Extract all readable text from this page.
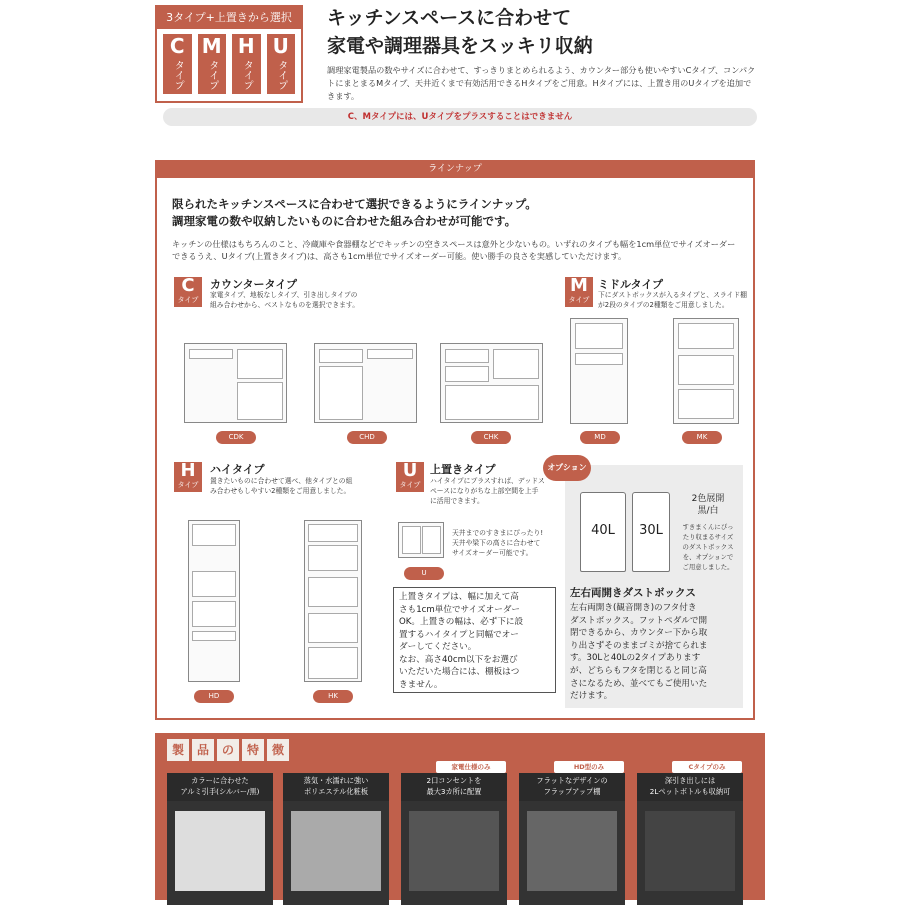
3タイプ+上置きから選択
C
タイプ
M
タイプ
H
タイプ
U
タイプ
キッチンスペースに合わせて
家電や調理器具をスッキリ収納
調理家電製品の数やサイズに合わせて、すっきりまとめられるよう、カウンター部分も使いやすいCタイプ、コンパクトにまとまるMタイプ、天井近くまで有効活用できるHタイプをご用意。Hタイプには、上置き用のUタイプを追加できます。
C、Mタイプには、Uタイプをプラスすることはできません
ラインナップ
限られたキッチンスペースに合わせて選択できるようにラインナップ。
調理家電の数や収納したいものに合わせた組み合わせが可能です。
キッチンの仕様はもちろんのこと、冷蔵庫や食器棚などでキッチンの空きスペースは意外と少ないもの。いずれのタイプも幅を1cm単位でサイズオーダーできるうえ、Uタイプ(上置きタイプ)は、高さも1cm単位でサイズオーダー可能。使い勝手の良さを実感していただけます。
C
タイプ
カウンタータイプ
家電タイプ、地板なしタイプ、引き出しタイプの
組み合わせから、ベストなものを選択できます。
M
タイプ
ミドルタイプ
下にダストボックスが入るタイプと、スライド棚
が2段のタイプの2種類をご用意しました。
CDK	CHD	CHK	MD	MK
H
タイプ
ハイタイプ
置きたいものに合わせて選べ、他タイプとの組
み合わせもしやすい2種類をご用意しました。
U
タイプ
上置きタイプ
ハイタイプにプラスすれば、デッドス
ペースになりがちな上部空間を上手
に活用できます。
天井までのすきまにぴったり!
天井や梁下の高さに合わせて
サイズオーダー可能です。
U
HD	HK
上置きタイプは、幅に加えて高
さも1cm単位でサイズオーダー
OK。上置きの幅は、必ず下に設
置するハイタイプと同幅でオー
ダーしてください。
なお、高さ40cm以下をお選び
いただいた場合には、棚板はつ
きません。
オプション
40L	30L
2色展開
黒/白
すきまくんにぴっ
たり収まるサイズ
のダストボックス
を、オプションで
ご用意しました。
左右両開きダストボックス
左右両開き(観音開き)のフタ付き
ダストボックス。フットペダルで開
閉できるから、カウンター下から取
り出さずそのままゴミが捨てられま
す。30Lと40Lの2タイプあります
が、どちらもフタを閉じると同じ高
さになるため、並べてもご使用いた
だけます。
製 品 の 特 徴
カラーに合わせた
アルミ引手(シルバー/黒)
蒸気・水濡れに強い
ポリエステル化粧板
家電仕様のみ
2口コンセントを
最大3カ所に配置
HD型のみ
フラットなデザインの
フラップアップ棚
Cタイプのみ
深引き出しには
2Lペットボトルも収納可
